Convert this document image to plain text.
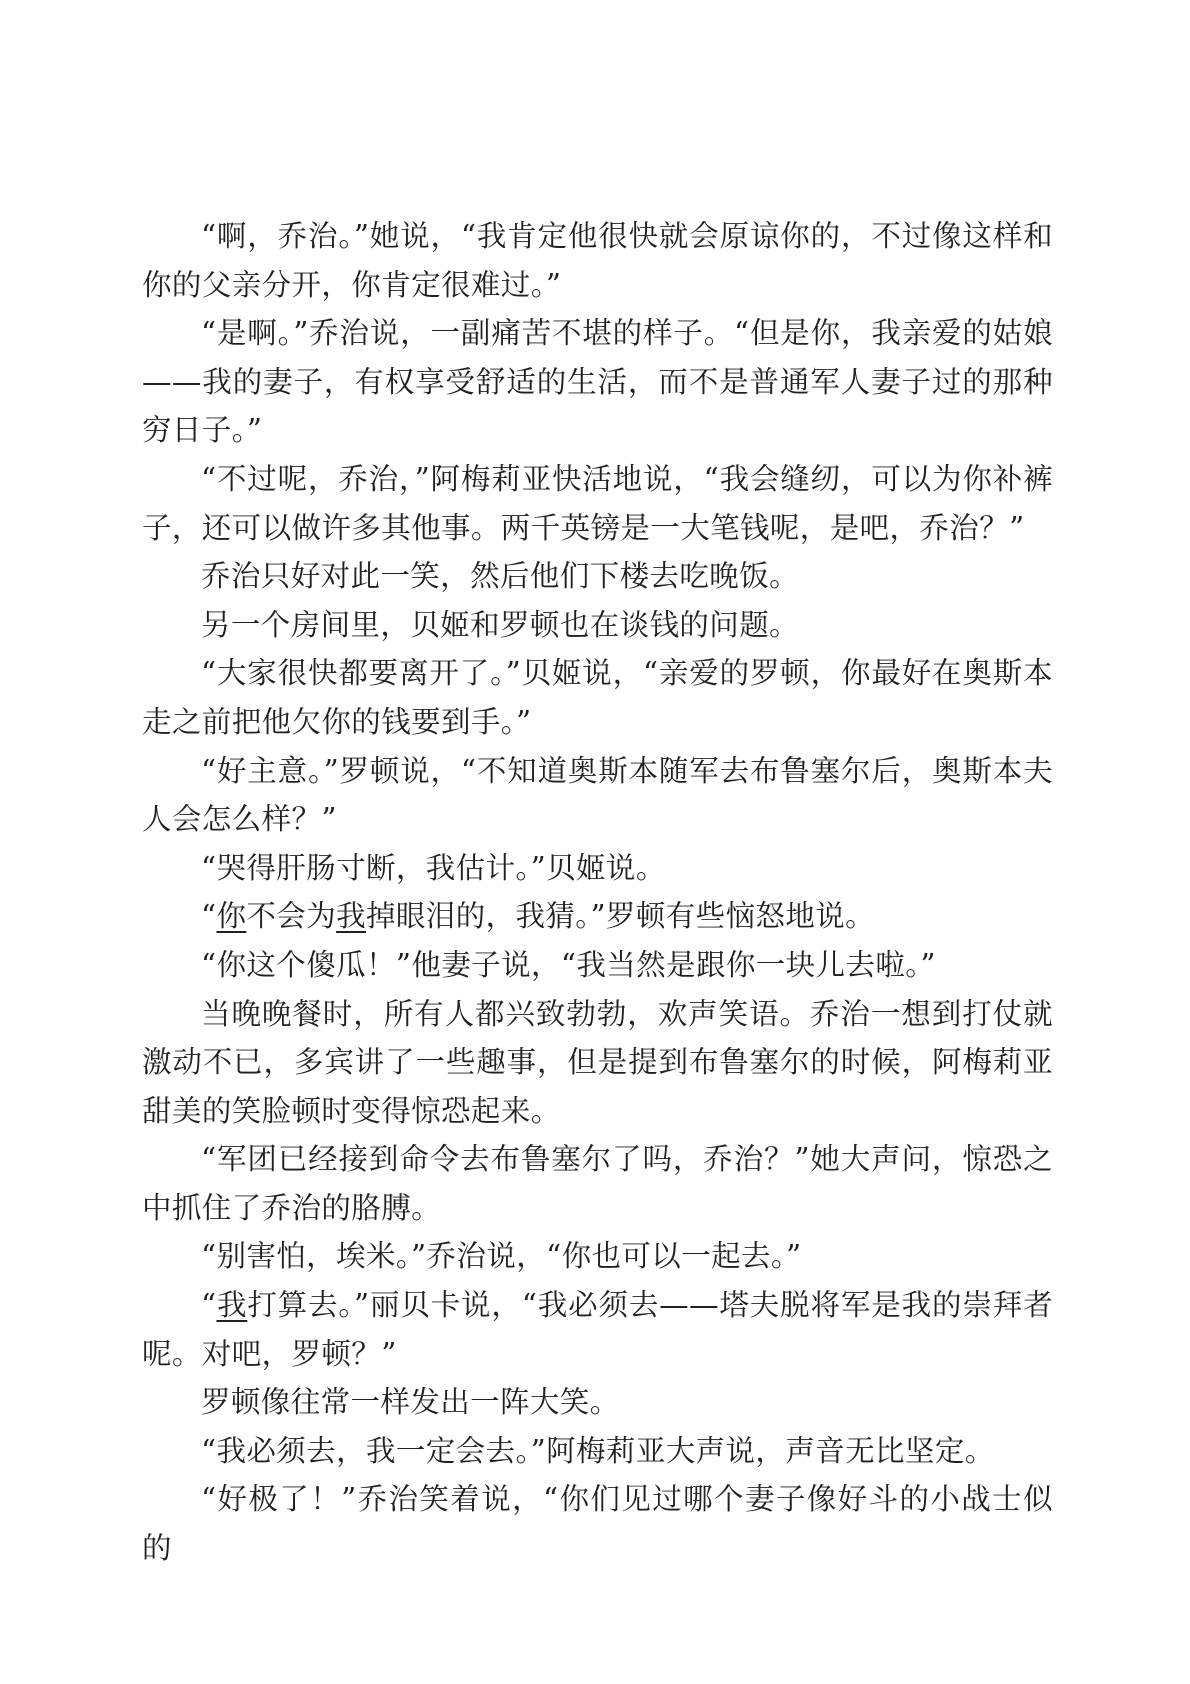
“啊，乔治。”她说，“我肯定他很快就会原谅你的，不过像这样和你的父亲分开，你肯定很难过。”

“是啊。”乔治说，一副痛苦不堪的样子。“但是你，我亲爱的姑娘——我的妻子，有权享受舒适的生活，而不是普通军人妻子过的那种穷日子。”

“不过呢，乔治，”阿梅莉亚快活地说，“我会缝纫，可以为你补裤子，还可以做许多其他事。两千英镑是一大笔钱呢，是吧，乔治？”

乔治只好对此一笑，然后他们下楼去吃晚饭。

另一个房间里，贝姬和罗顿也在谈钱的问题。

“大家很快都要离开了。”贝姬说，“亲爱的罗顿，你最好在奥斯本走之前把他欠你的钱要到手。”

“好主意。”罗顿说，“不知道奥斯本随军去布鲁塞尔后，奥斯本夫人会怎么样？”

“哭得肝肠寸断，我估计。”贝姬说。

“你不会为我掉眼泪的，我猜。”罗顿有些恼怒地说。

“你这个傻瓜！”他妻子说，“我当然是跟你一块儿去啦。”

当晚晚餐时，所有人都兴致勃勃，欢声笑语。乔治一想到打仗就激动不已，多宾讲了一些趣事，但是提到布鲁塞尔的时候，阿梅莉亚甜美的笑脸顿时变得惊恐起来。

“军团已经接到命令去布鲁塞尔了吗，乔治？”她大声问，惊恐之中抓住了乔治的胳膊。

“别害怕，埃米。”乔治说，“你也可以一起去。”

“我打算去。”丽贝卡说，“我必须去——塔夫脱将军是我的崇拜者呢。对吧，罗顿？”

罗顿像往常一样发出一阵大笑。

“我必须去，我一定会去。”阿梅莉亚大声说，声音无比坚定。

“好极了！”乔治笑着说，“你们见过哪个妻子像好斗的小战士似的
